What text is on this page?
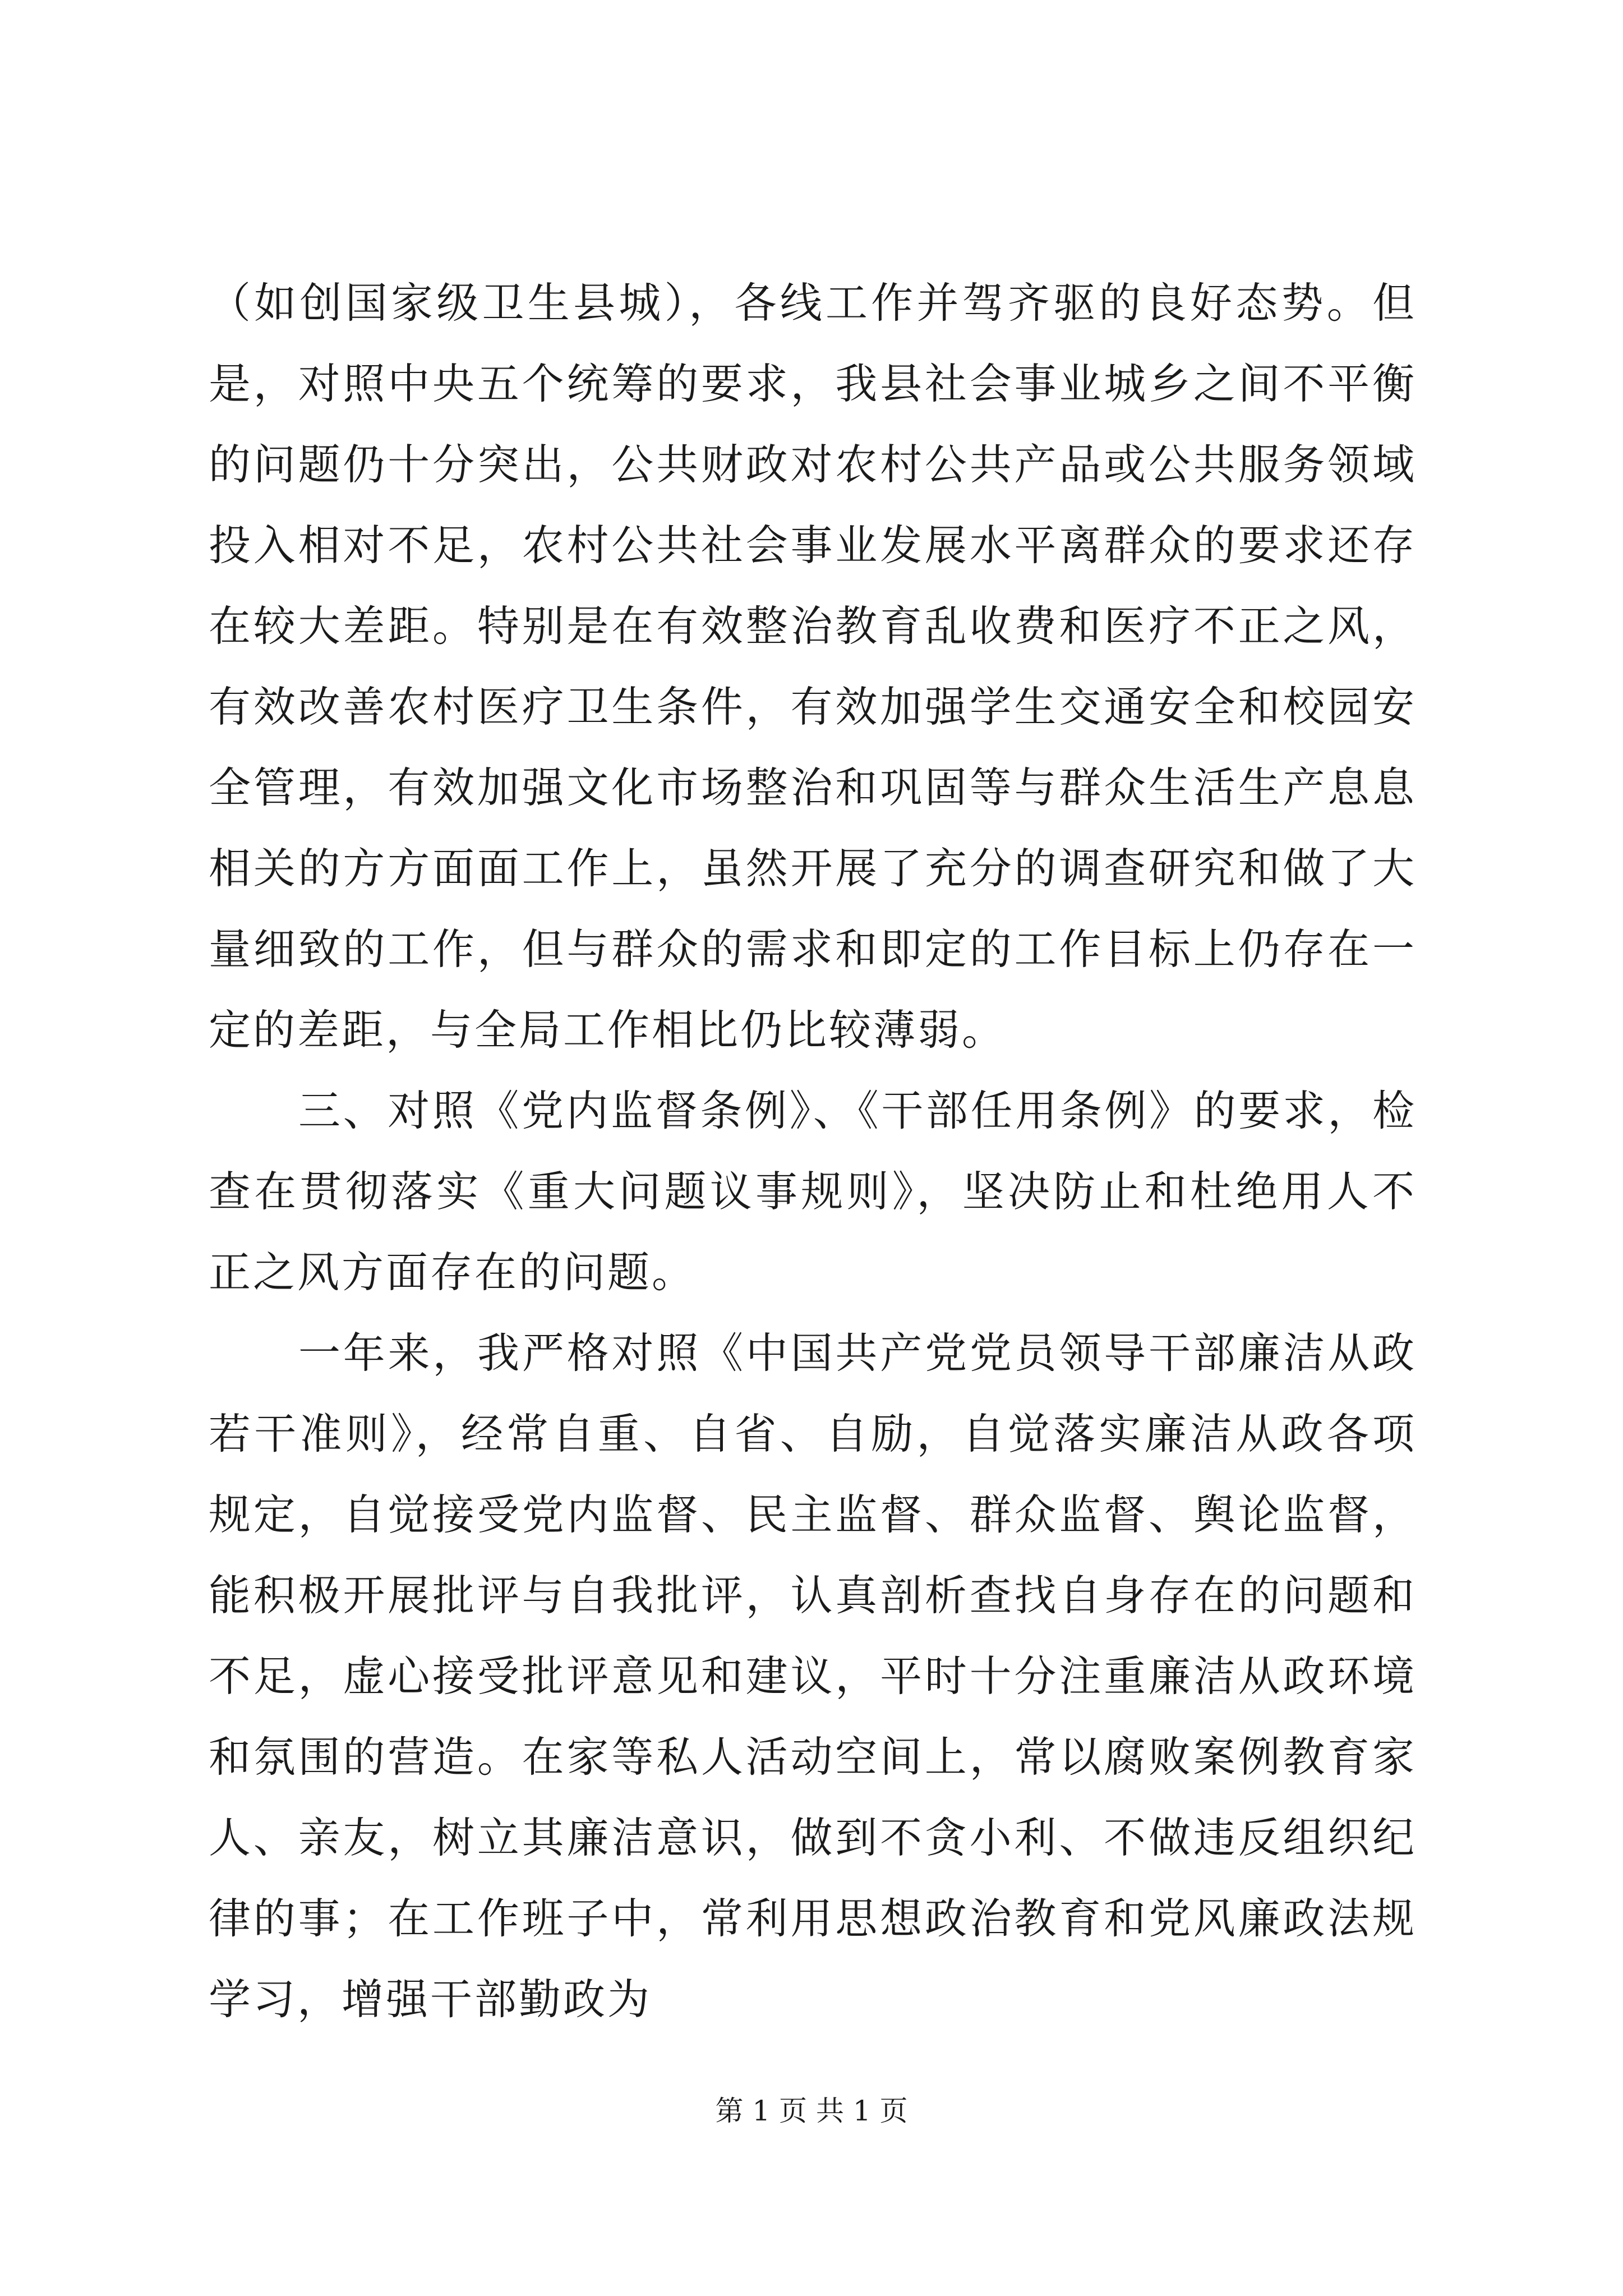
（如创国家级卫生县城），各线工作并驾齐驱的良好态势。但是，对照中央五个统筹的要求，我县社会事业城乡之间不平衡的问题仍十分突出，公共财政对农村公共产品或公共服务领域投入相对不足，农村公共社会事业发展水平离群众的要求还存在较大差距。特别是在有效整治教育乱收费和医疗不正之风，有效改善农村医疗卫生条件，有效加强学生交通安全和校园安全管理，有效加强文化市场整治和巩固等与群众生活生产息息相关的方方面面工作上，虽然开展了充分的调查研究和做了大量细致的工作，但与群众的需求和即定的工作目标上仍存在一定的差距，与全局工作相比仍比较薄弱。

三、对照《党内监督条例》、《干部任用条例》的要求，检查在贯彻落实《重大问题议事规则》，坚决防止和杜绝用人不正之风方面存在的问题。

一年来，我严格对照《中国共产党党员领导干部廉洁从政若干准则》，经常自重、自省、自励，自觉落实廉洁从政各项规定，自觉接受党内监督、民主监督、群众监督、舆论监督，能积极开展批评与自我批评，认真剖析查找自身存在的问题和不足，虚心接受批评意见和建议，平时十分注重廉洁从政环境和氛围的营造。在家等私人活动空间上，常以腐败案例教育家人、亲友，树立其廉洁意识，做到不贪小利、不做违反组织纪律的事；在工作班子中，常利用思想政治教育和党风廉政法规学习，增强干部勤政为

第 1 页 共 1 页
